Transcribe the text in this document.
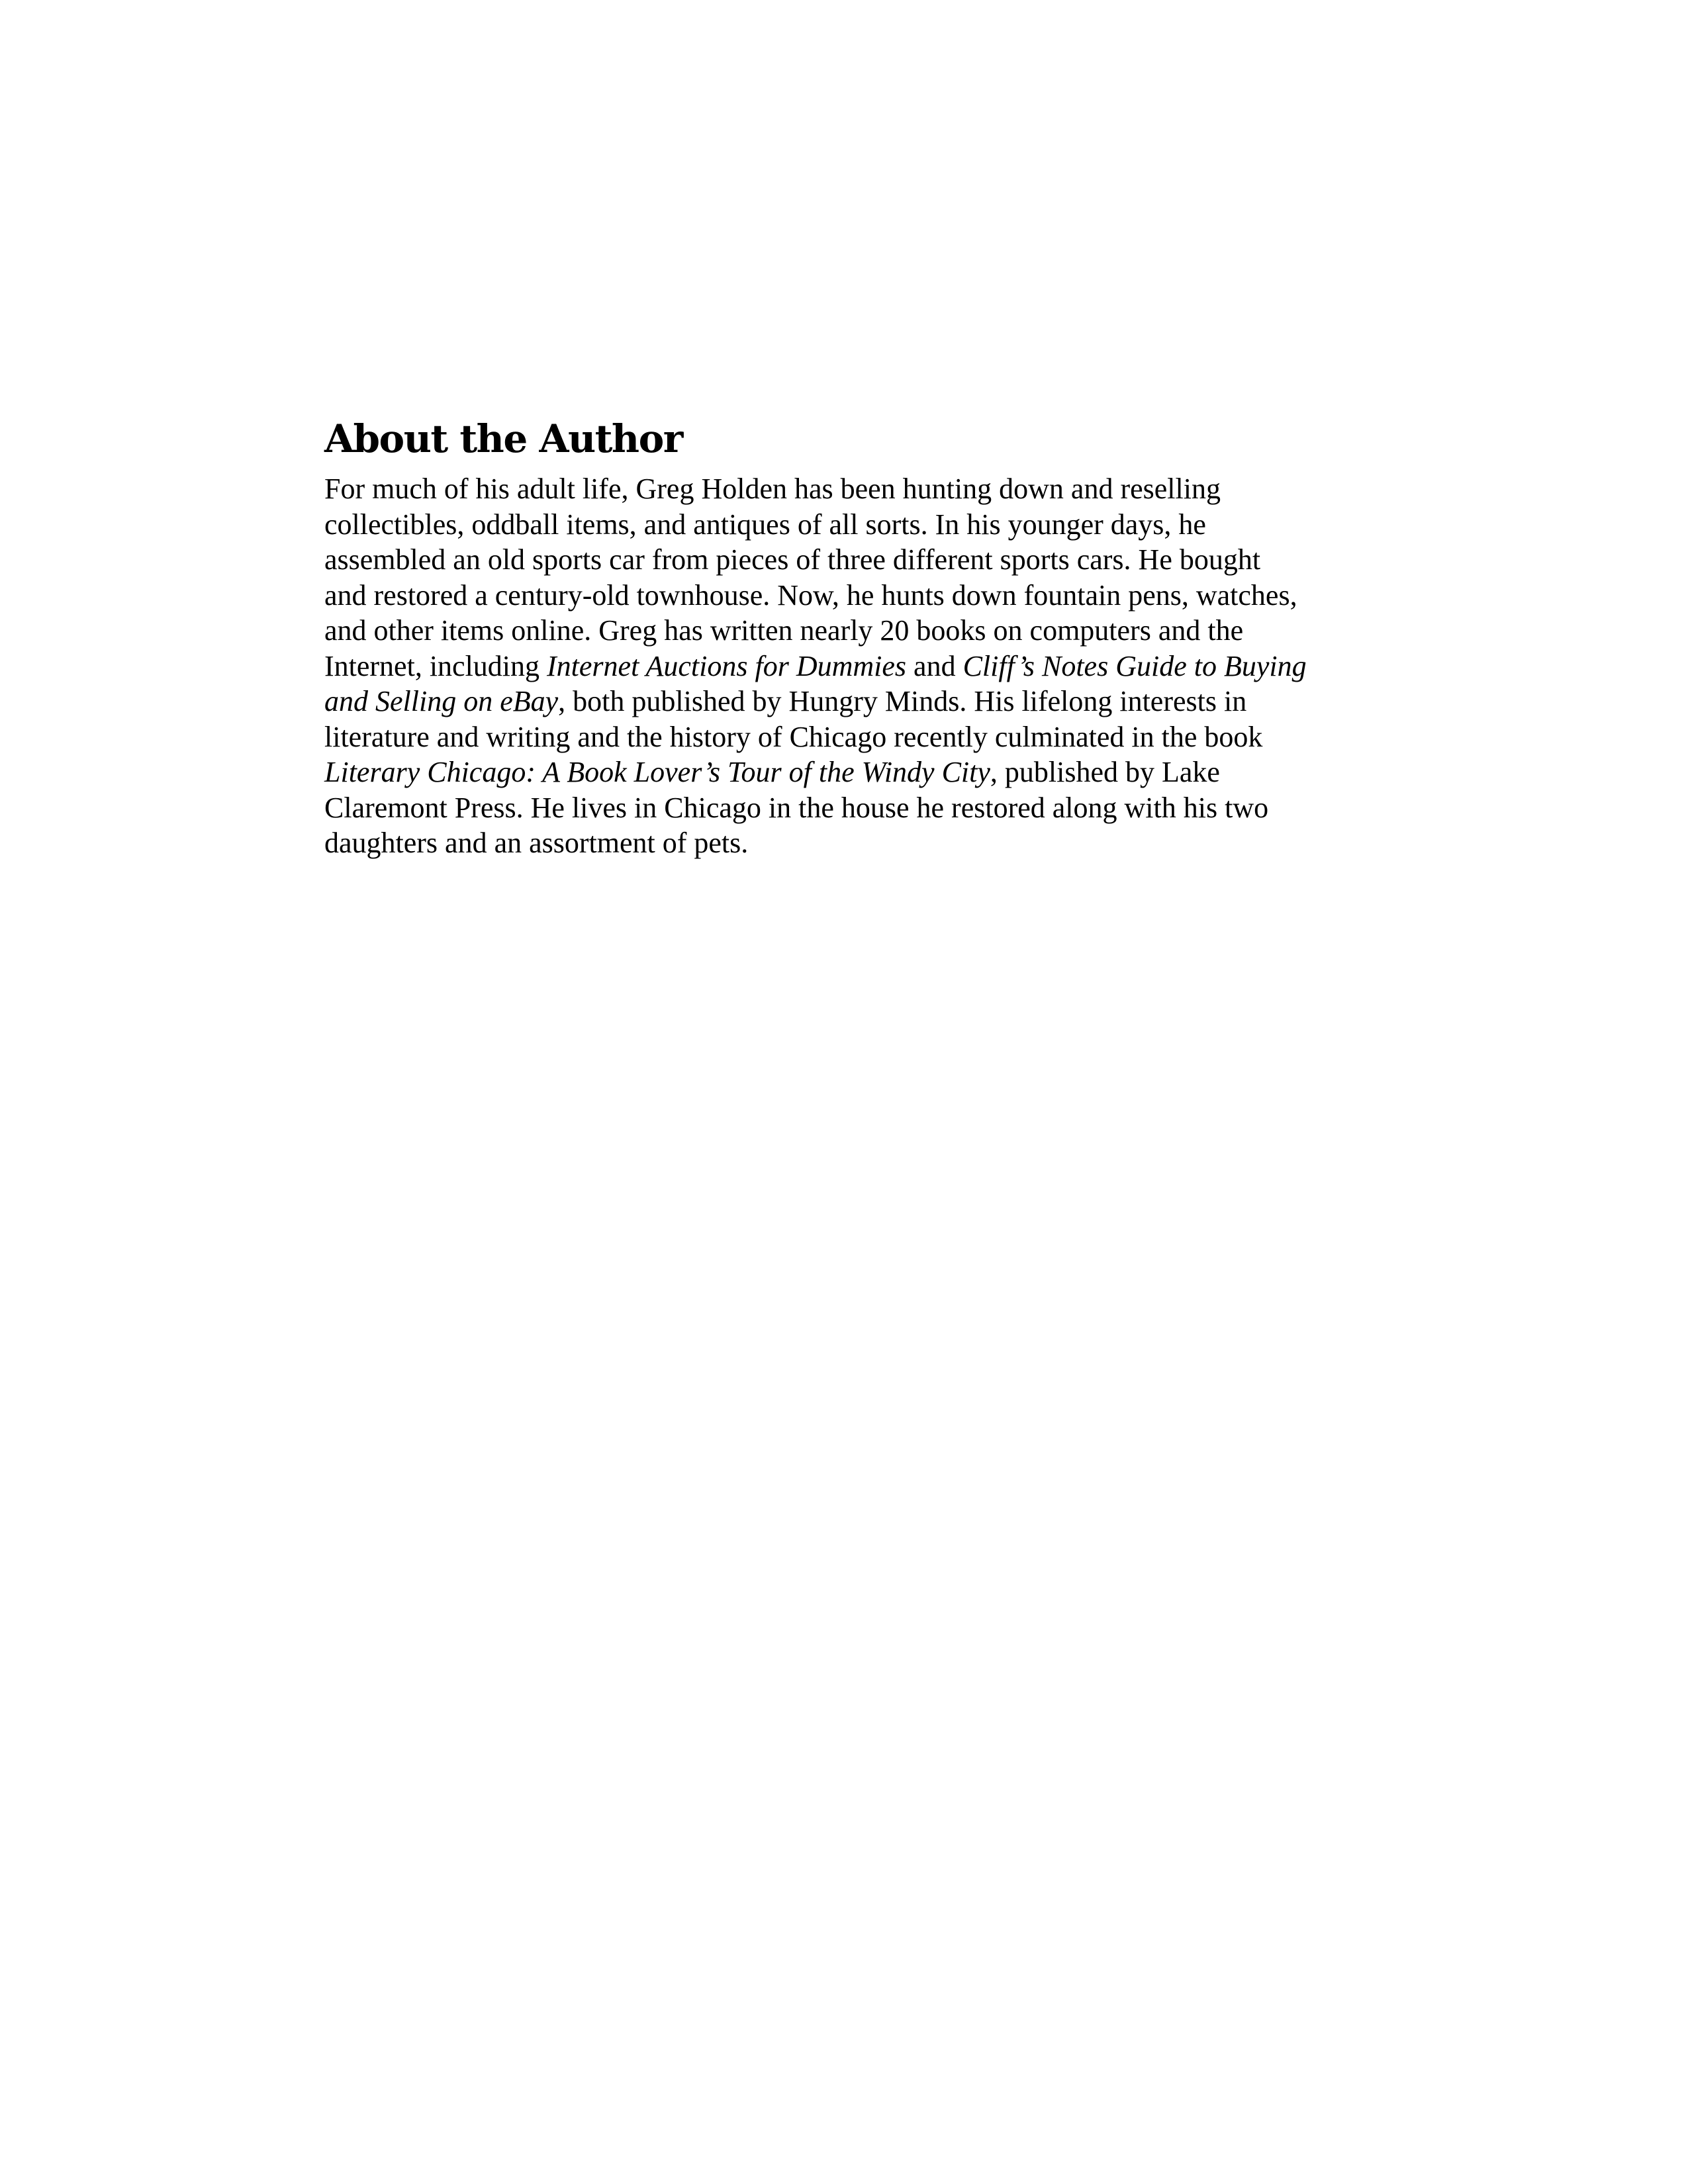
About the Author
For much of his adult life, Greg Holden has been hunting down and reselling
collectibles, oddball items, and antiques of all sorts. In his younger days, he
assembled an old sports car from pieces of three different sports cars. He bought
and restored a century-old townhouse. Now, he hunts down fountain pens, watches,
and other items online. Greg has written nearly 20 books on computers and the
Internet, including Internet Auctions for Dummies and Cliff’s Notes Guide to Buying
and Selling on eBay, both published by Hungry Minds. His lifelong interests in
literature and writing and the history of Chicago recently culminated in the book
Literary Chicago: A Book Lover’s Tour of the Windy City, published by Lake
Claremont Press. He lives in Chicago in the house he restored along with his two
daughters and an assortment of pets.
